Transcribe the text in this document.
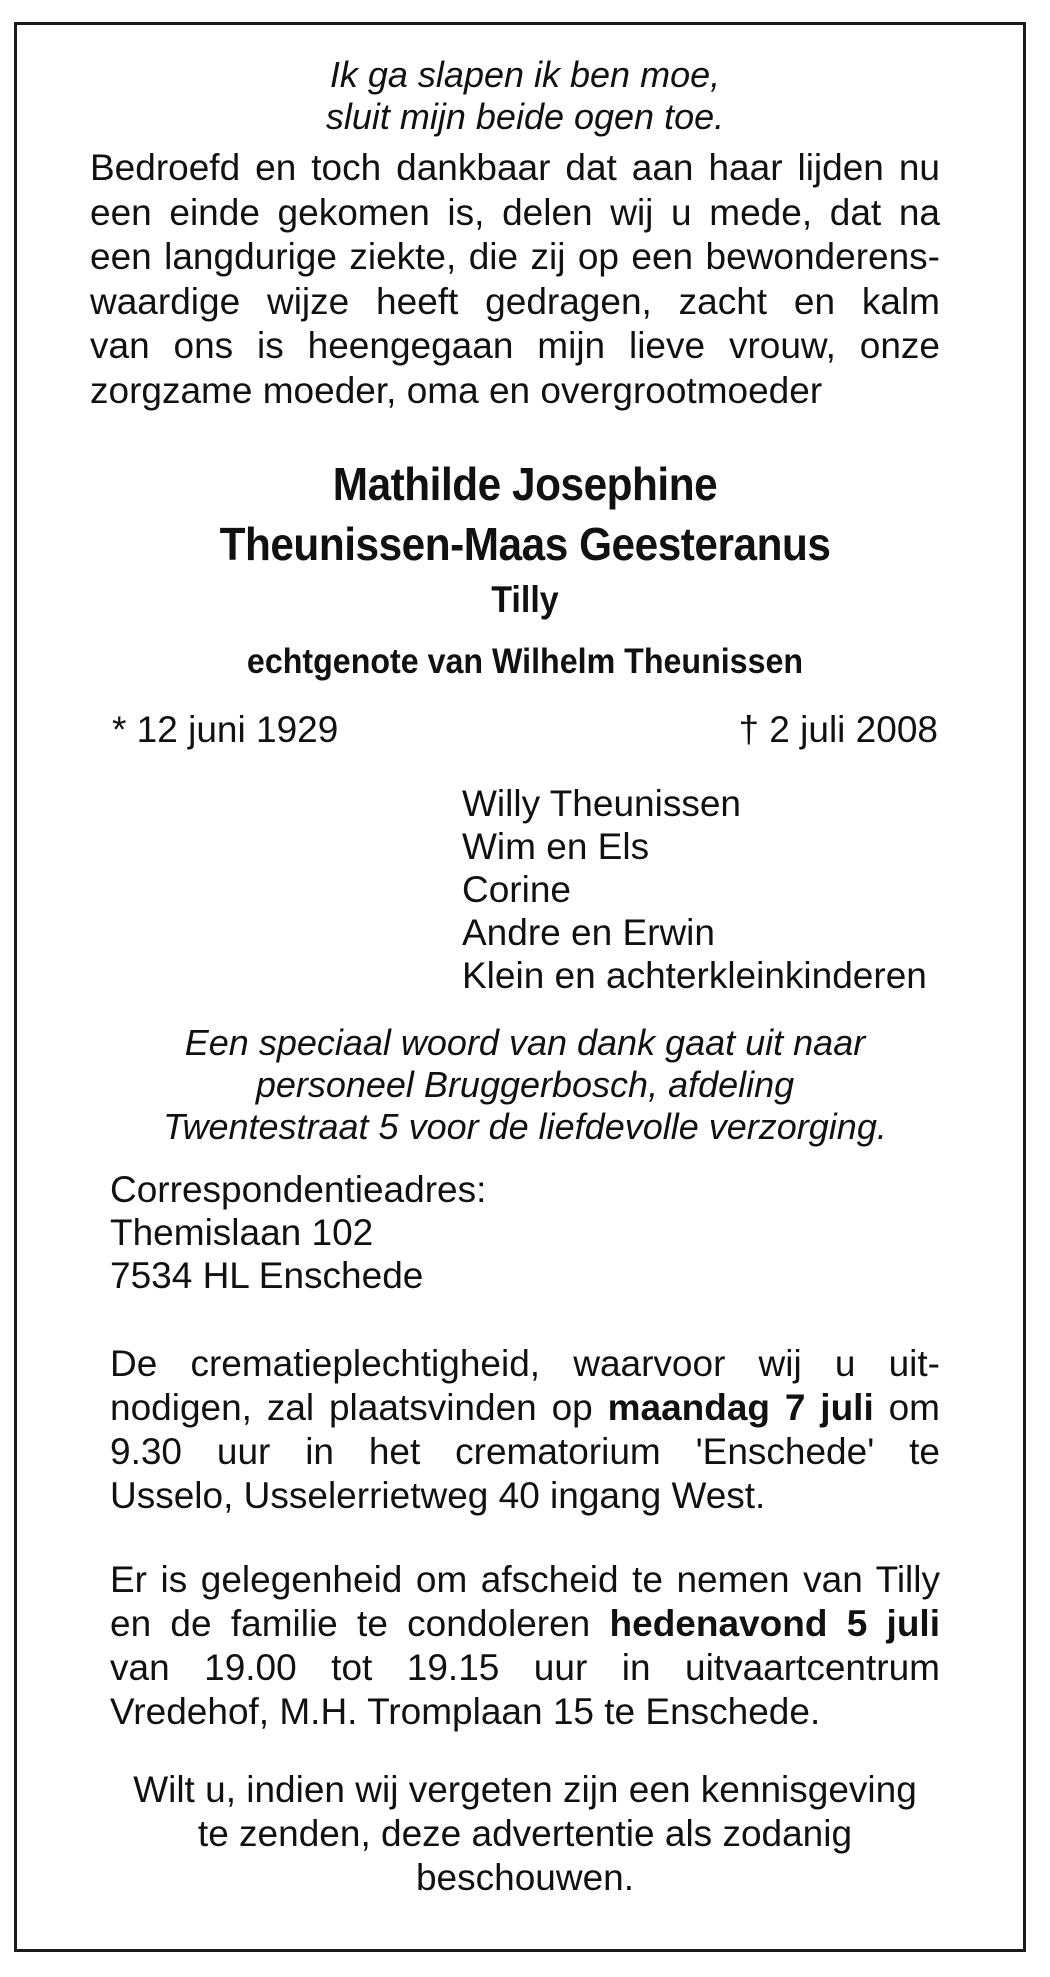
Ik ga slapen ik ben moe,
sluit mijn beide ogen toe.
Bedroefd en toch dankbaar dat aan haar lijden nu
een einde gekomen is, delen wij u mede, dat na
een langdurige ziekte, die zij op een bewonderens-
waardige wijze heeft gedragen, zacht en kalm
van ons is heengegaan mijn lieve vrouw, onze
zorgzame moeder, oma en overgrootmoeder
Mathilde Josephine
Theunissen-Maas Geesteranus
Tilly
echtgenote van Wilhelm Theunissen
* 12 juni 1929	† 2 juli 2008
Willy Theunissen
Wim en Els
Corine
Andre en Erwin
Klein en achterkleinkinderen
Een speciaal woord van dank gaat uit naar
personeel Bruggerbosch, afdeling
Twentestraat 5 voor de liefdevolle verzorging.
Correspondentieadres:
Themislaan 102
7534 HL Enschede
De crematieplechtigheid, waarvoor wij u uit-
nodigen, zal plaatsvinden op maandag 7 juli om
9.30 uur in het crematorium 'Enschede' te
Usselo, Usselerrietweg 40 ingang West.
Er is gelegenheid om afscheid te nemen van Tilly
en de familie te condoleren hedenavond 5 juli
van 19.00 tot 19.15 uur in uitvaartcentrum
Vredehof, M.H. Tromplaan 15 te Enschede.
Wilt u, indien wij vergeten zijn een kennisgeving
te zenden, deze advertentie als zodanig
beschouwen.
